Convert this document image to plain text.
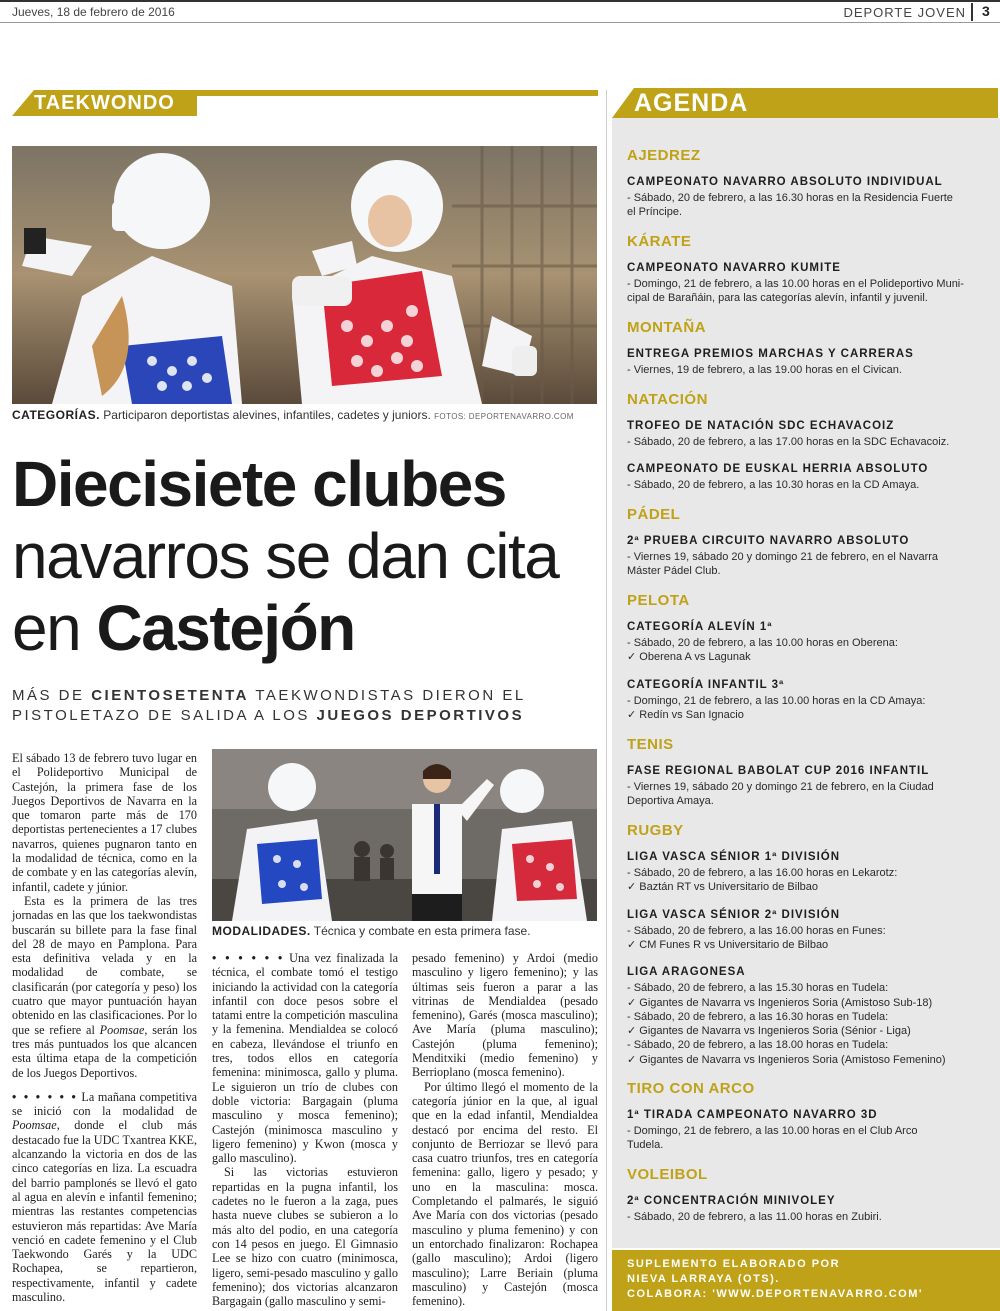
Jueves, 18 de febrero de 2016	DEPORTE JOVEN 3
TAEKWONDO
CATEGORÍAS. Participaron deportistas alevines, infantiles, cadetes y juniors. FOTOS: DEPORTENAVARRO.COM
Diecisiete clubes
navarros se dan cita
en Castejón
MÁS DE CIENTOSETENTA TAEKWONDISTAS DIERON EL PISTOLETAZO DE SALIDA A LOS JUEGOS DEPORTIVOS

El sábado 13 de febrero tuvo lugar en el Polideportivo Municipal de Castejón, la primera fase de los Juegos Deportivos de Navarra en la que tomaron parte más de 170 deportistas pertenecientes a 17 clubes navarros, quienes pugnaron tanto en la modalidad de técnica, como en la de combate y en las categorías alevín, infantil, cadete y júnior.

Esta es la primera de las tres jornadas en las que los taekwondistas buscarán su billete para la fase final del 28 de mayo en Pamplona. Para esta definitiva velada y en la modalidad de combate, se clasificarán (por categoría y peso) los cuatro que mayor puntuación hayan obtenido en las clasificaciones. Por lo que se refiere al Poomsae, serán los tres más puntuados los que alcancen esta última etapa de la competición de los Juegos Deportivos.

• • • • • • La mañana competitiva se inició con la modalidad de Poomsae, donde el club más destacado fue la UDC Txantrea KKE, alcanzando la victoria en dos de las cinco categorías en liza. La escuadra del barrio pamplonés se llevó el gato al agua en alevín e infantil femenino; mientras las restantes competencias estuvieron más repartidas: Ave María venció en cadete femenino y el Club Taekwondo Garés y la UDC Rochapea, se repartieron, respectivamente, infantil y cadete masculino.

MODALIDADES. Técnica y combate en esta primera fase.

• • • • • • Una vez finalizada la técnica, el combate tomó el testigo iniciando la actividad con la categoría infantil con doce pesos sobre el tatami entre la competición masculina y la femenina. Mendialdea se colocó en cabeza, llevándose el triunfo en tres, todos ellos en categoría femenina: minimosca, gallo y pluma. Le siguieron un trío de clubes con doble victoria: Bargagain (pluma masculino y mosca femenino); Castejón (minimosca masculino y ligero femenino) y Kwon (mosca y gallo masculino).

Si las victorias estuvieron repartidas en la pugna infantil, los cadetes no le fueron a la zaga, pues hasta nueve clubes se subieron a lo más alto del podio, en una categoría con 14 pesos en juego. El Gimnasio Lee se hizo con cuatro (minimosca, ligero, semi-pesado masculino y gallo femenino); dos victorias alcanzaron Bargagain (gallo masculino y semi-

pesado femenino) y Ardoi (medio masculino y ligero femenino); y las últimas seis fueron a parar a las vitrinas de Mendialdea (pesado femenino), Garés (mosca masculino); Ave María (pluma masculino); Castejón (pluma femenino); Menditxiki (medio femenino) y Berrioplano (mosca femenino).

Por último llegó el momento de la categoría júnior en la que, al igual que en la edad infantil, Mendialdea destacó por encima del resto. El conjunto de Berriozar se llevó para casa cuatro triunfos, tres en categoría femenina: gallo, ligero y pesado; y uno en la masculina: mosca. Completando el palmarés, le siguió Ave María con dos victorias (pesado masculino y pluma femenino) y con un entorchado finalizaron: Rochapea (gallo masculino); Ardoi (ligero masculino); Larre Beriain (pluma masculino) y Castejón (mosca femenino).

AGENDA
AJEDREZ
CAMPEONATO NAVARRO ABSOLUTO INDIVIDUAL
- Sábado, 20 de febrero, a las 16.30 horas en la Residencia Fuerte
el Príncipe.
KÁRATE
CAMPEONATO NAVARRO KUMITE
- Domingo, 21 de febrero, a las 10.00 horas en el Polideportivo Muni-
cipal de Barañáin, para las categorías alevín, infantil y juvenil.
MONTAÑA
ENTREGA PREMIOS MARCHAS Y CARRERAS
- Viernes, 19 de febrero, a las 19.00 horas en el Civican.
NATACIÓN
TROFEO DE NATACIÓN SDC ECHAVACOIZ
- Sábado, 20 de febrero, a las 17.00 horas en la SDC Echavacoiz.
CAMPEONATO DE EUSKAL HERRIA ABSOLUTO
- Sábado, 20 de febrero, a las 10.30 horas en la CD Amaya.
PÁDEL
2ª PRUEBA CIRCUITO NAVARRO ABSOLUTO
- Viernes 19, sábado 20 y domingo 21 de febrero, en el Navarra
Máster Pádel Club.
PELOTA
CATEGORÍA ALEVÍN 1ª
- Sábado, 20 de febrero, a las 10.00 horas en Oberena:
✓ Oberena A vs Lagunak
CATEGORÍA INFANTIL 3ª
- Domingo, 21 de febrero, a las 10.00 horas en la CD Amaya:
✓ Redín vs San Ignacio
TENIS
FASE REGIONAL BABOLAT CUP 2016 INFANTIL
- Viernes 19, sábado 20 y domingo 21 de febrero, en la Ciudad
Deportiva Amaya.
RUGBY
LIGA VASCA SÉNIOR 1ª DIVISIÓN
- Sábado, 20 de febrero, a las 16.00 horas en Lekarotz:
✓ Baztán RT vs Universitario de Bilbao
LIGA VASCA SÉNIOR 2ª DIVISIÓN
- Sábado, 20 de febrero, a las 16.00 horas en Funes:
✓ CM Funes R vs Universitario de Bilbao
LIGA ARAGONESA
- Sábado, 20 de febrero, a las 15.30 horas en Tudela:
✓ Gigantes de Navarra vs Ingenieros Soria (Amistoso Sub-18)
- Sábado, 20 de febrero, a las 16.30 horas en Tudela:
✓ Gigantes de Navarra vs Ingenieros Soria (Sénior - Liga)
- Sábado, 20 de febrero, a las 18.00 horas en Tudela:
✓ Gigantes de Navarra vs Ingenieros Soria (Amistoso Femenino)
TIRO CON ARCO
1ª TIRADA CAMPEONATO NAVARRO 3D
- Domingo, 21 de febrero, a las 10.00 horas en el Club Arco
Tudela.
VOLEIBOL
2ª CONCENTRACIÓN MINIVOLEY
- Sábado, 20 de febrero, a las 11.00 horas en Zubiri.
SUPLEMENTO ELABORADO POR
NIEVA LARRAYA (OTS).
COLABORA: 'WWW.DEPORTENAVARRO.COM'
